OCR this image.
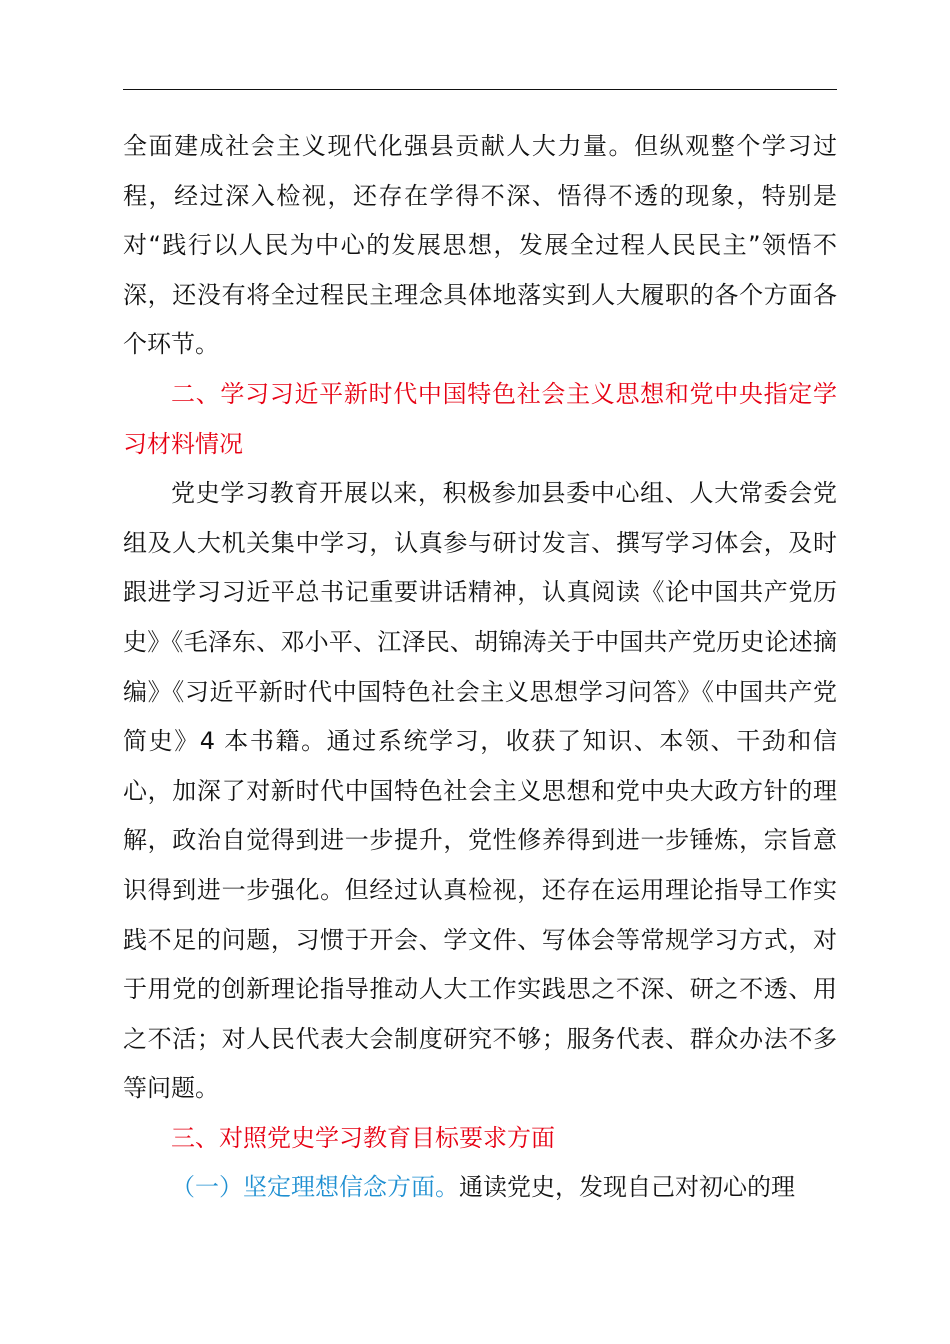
全面建成社会主义现代化强县贡献人大力量。但纵观整个学习过程，经过深入检视，还存在学得不深、悟得不透的现象，特别是对“践行以人民为中心的发展思想，发展全过程人民民主”领悟不深，还没有将全过程民主理念具体地落实到人大履职的各个方面各个环节。

二、学习习近平新时代中国特色社会主义思想和党中央指定学习材料情况

党史学习教育开展以来，积极参加县委中心组、人大常委会党组及人大机关集中学习，认真参与研讨发言、撰写学习体会，及时跟进学习习近平总书记重要讲话精神，认真阅读《论中国共产党历史》《毛泽东、邓小平、江泽民、胡锦涛关于中国共产党历史论述摘编》《习近平新时代中国特色社会主义思想学习问答》《中国共产党简史》4 本书籍。通过系统学习，收获了知识、本领、干劲和信心，加深了对新时代中国特色社会主义思想和党中央大政方针的理解，政治自觉得到进一步提升，党性修养得到进一步锤炼，宗旨意识得到进一步强化。但经过认真检视，还存在运用理论指导工作实践不足的问题，习惯于开会、学文件、写体会等常规学习方式，对于用党的创新理论指导推动人大工作实践思之不深、研之不透、用之不活；对人民代表大会制度研究不够；服务代表、群众办法不多等问题。

三、对照党史学习教育目标要求方面

（一）坚定理想信念方面。通读党史，发现自己对初心的理
